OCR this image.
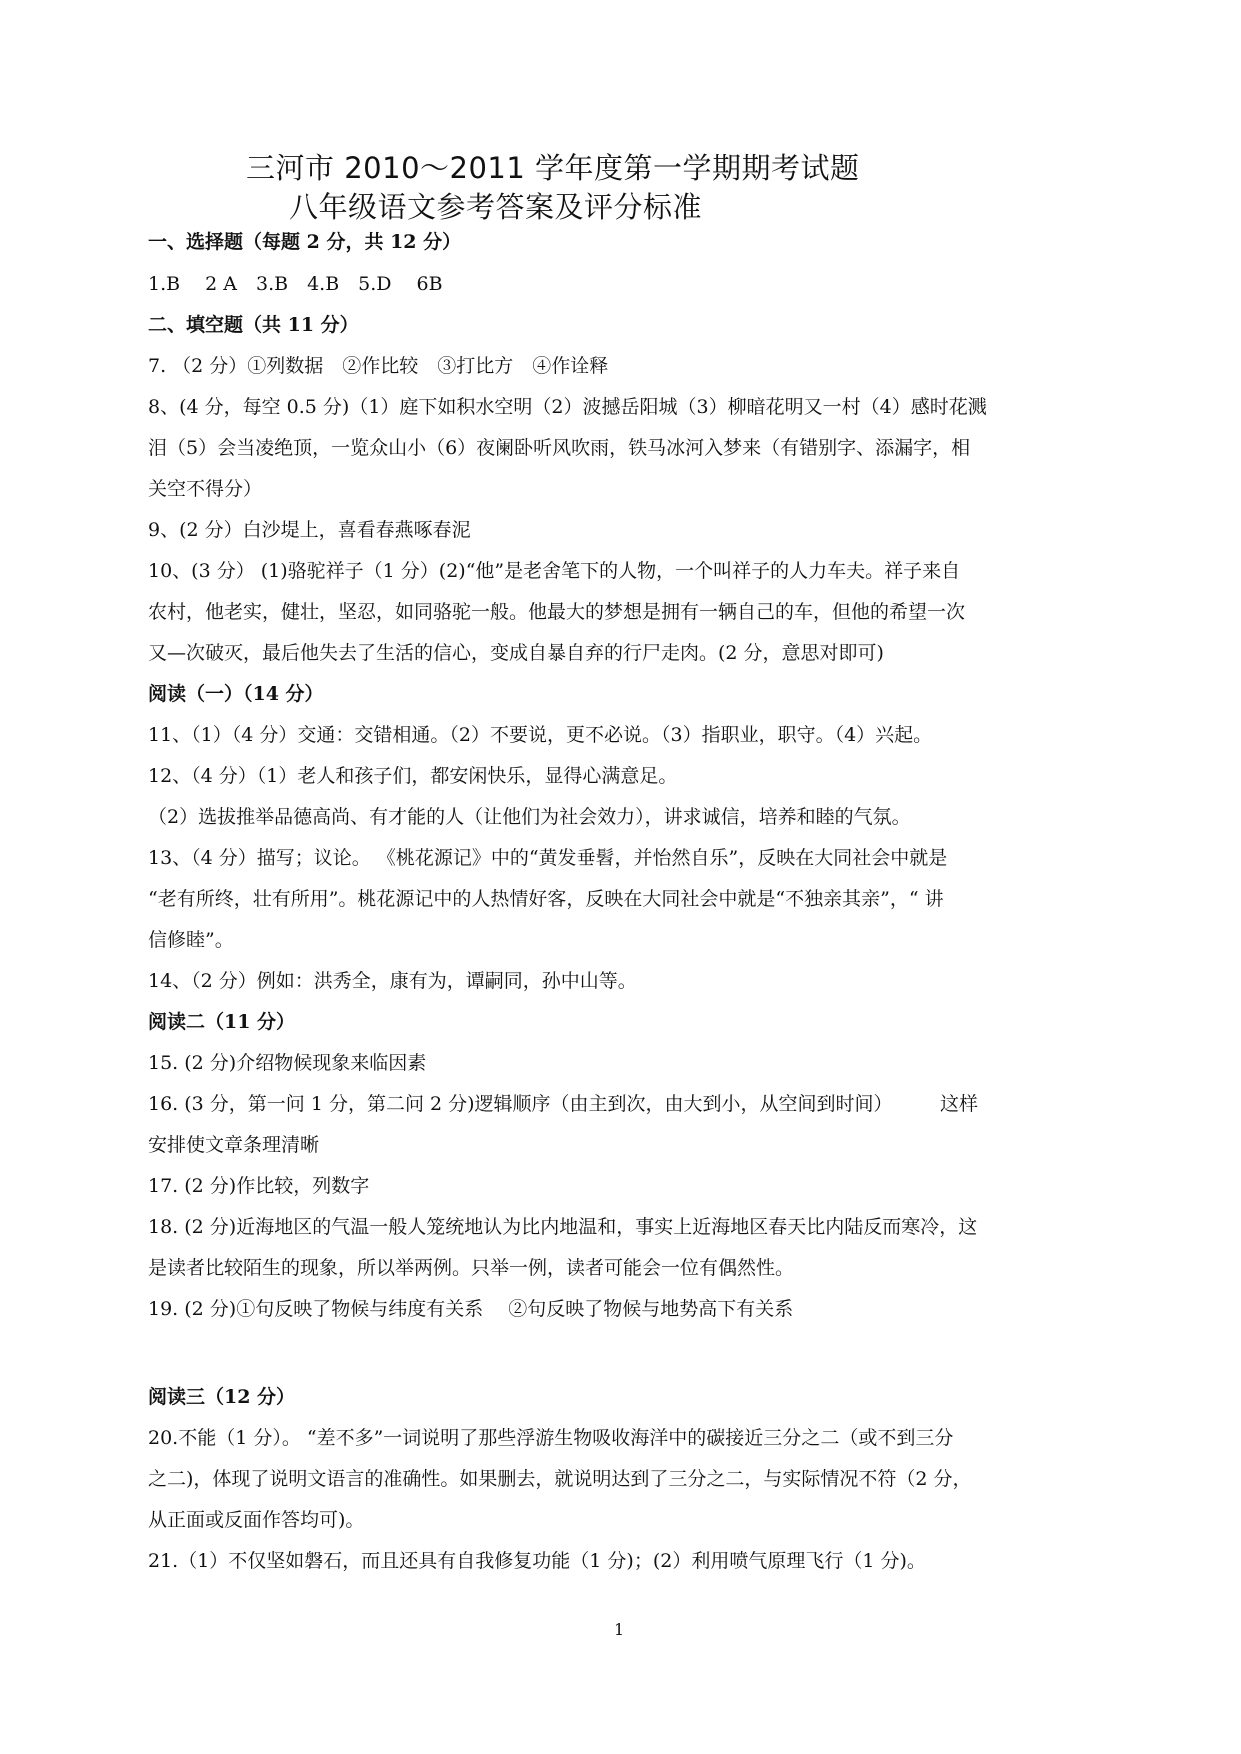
三河市 2010～2011 学年度第一学期期考试题
八年级语文参考答案及评分标准
一、选择题（每题 2 分，共 12 分）
1.B　 2 A　3.B　4.B　5.D　 6B
二、填空题（共 11 分）
7. （2 分）①列数据　②作比较　③打比方　④作诠释
8、(4 分，每空 0.5 分)（1）庭下如积水空明（2）波撼岳阳城（3）柳暗花明又一村（4）感时花溅
泪（5）会当凌绝顶，一览众山小（6）夜阑卧听风吹雨，铁马冰河入梦来（有错别字、添漏字，相
关空不得分）
9、(2 分）白沙堤上，喜看春燕啄春泥
10、(3 分） (1)骆驼祥子（1 分）(2)“他”是老舍笔下的人物，一个叫祥子的人力车夫。祥子来自
农村，他老实，健壮，坚忍，如同骆驼一般。他最大的梦想是拥有一辆自己的车，但他的希望一次
又—次破灭，最后他失去了生活的信心，变成自暴自弃的行尸走肉。(2 分，意思对即可)
阅读（一）（14 分）
11、（1）（4 分）交通：交错相通。（2）不要说，更不必说。（3）指职业，职守。（4）兴起。
12、（4 分）（1）老人和孩子们，都安闲快乐，显得心满意足。
（2）选拔推举品德高尚、有才能的人（让他们为社会效力），讲求诚信，培养和睦的气氛。
13、（4 分）描写；议论。 《桃花源记》中的“黄发垂髫，并怡然自乐”，反映在大同社会中就是
“老有所终，壮有所用”。桃花源记中的人热情好客，反映在大同社会中就是“不独亲其亲”，“ 讲
信修睦”。
14、（2 分）例如：洪秀全，康有为，谭嗣同，孙中山等。
阅读二（11 分）
15. (2 分)介绍物候现象来临因素
16. (3 分，第一问 1 分，第二问 2 分)逻辑顺序（由主到次，由大到小，从空间到时间）　　　这样
安排使文章条理清晰
17. (2 分)作比较，列数字
18. (2 分)近海地区的气温一般人笼统地认为比内地温和，事实上近海地区春天比内陆反而寒冷，这
是读者比较陌生的现象，所以举两例。只举一例，读者可能会一位有偶然性。
19. (2 分)①句反映了物候与纬度有关系　 ②句反映了物候与地势高下有关系
阅读三（12 分）
20.不能（1 分）。 “差不多”一词说明了那些浮游生物吸收海洋中的碳接近三分之二（或不到三分
之二)，体现了说明文语言的准确性。如果删去，就说明达到了三分之二，与实际情况不符（2 分，
从正面或反面作答均可)。
21.（1）不仅坚如磐石，而且还具有自我修复功能（1 分)；(2）利用喷气原理飞行（1 分)。
1
